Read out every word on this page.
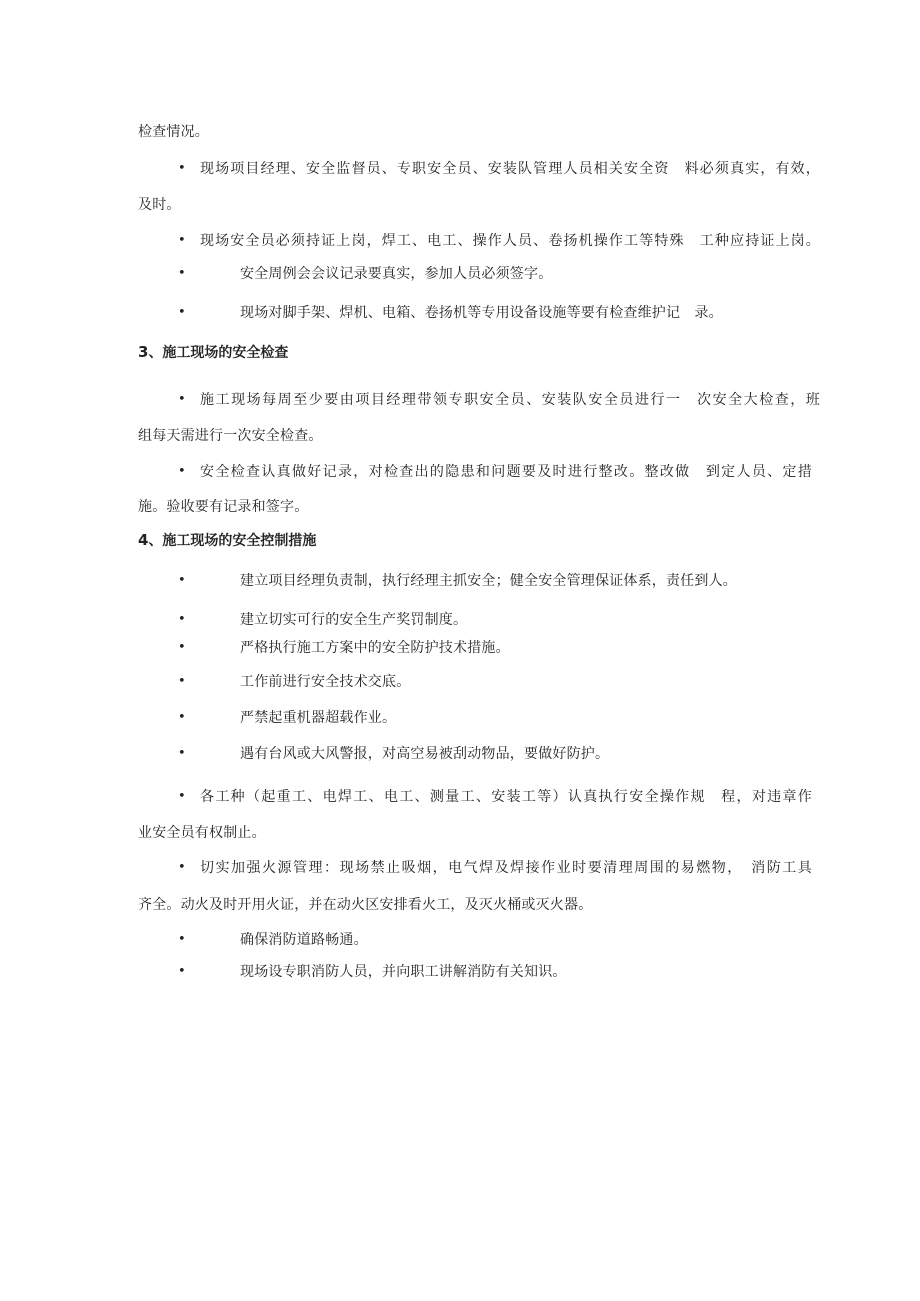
检查情况。
• 现场项目经理、安全监督员、专职安全员、安装队管理人员相关安全资　料必须真实，有效，
及时。
• 现场安全员必须持证上岗，焊工、电工、操作人员、卷扬机操作工等特殊　工种应持证上岗。
•	安全周例会会议记录要真实，参加人员必须签字。
•	现场对脚手架、焊机、电箱、卷扬机等专用设备设施等要有检查维护记　录。
3、施工现场的安全检查
• 施工现场每周至少要由项目经理带领专职安全员、安装队安全员进行一　次安全大检查，班
组每天需进行一次安全检查。
• 安全检查认真做好记录，对检查出的隐患和问题要及时进行整改。整改做　到定人员、定措
施。验收要有记录和签字。
4、施工现场的安全控制措施
•	建立项目经理负责制，执行经理主抓安全；健全安全管理保证体系，责任到人。
•	建立切实可行的安全生产奖罚制度。
•	严格执行施工方案中的安全防护技术措施。
•	工作前进行安全技术交底。
•	严禁起重机器超载作业。
•	遇有台风或大风警报，对高空易被刮动物品，要做好防护。
• 各工种（起重工、电焊工、电工、测量工、安装工等）认真执行安全操作规　程，对违章作
业安全员有权制止。
• 切实加强火源管理：现场禁止吸烟，电气焊及焊接作业时要清理周围的易燃物，　消防工具
齐全。动火及时开用火证，并在动火区安排看火工，及灭火桶或灭火器。
•	确保消防道路畅通。
•	现场设专职消防人员，并向职工讲解消防有关知识。
